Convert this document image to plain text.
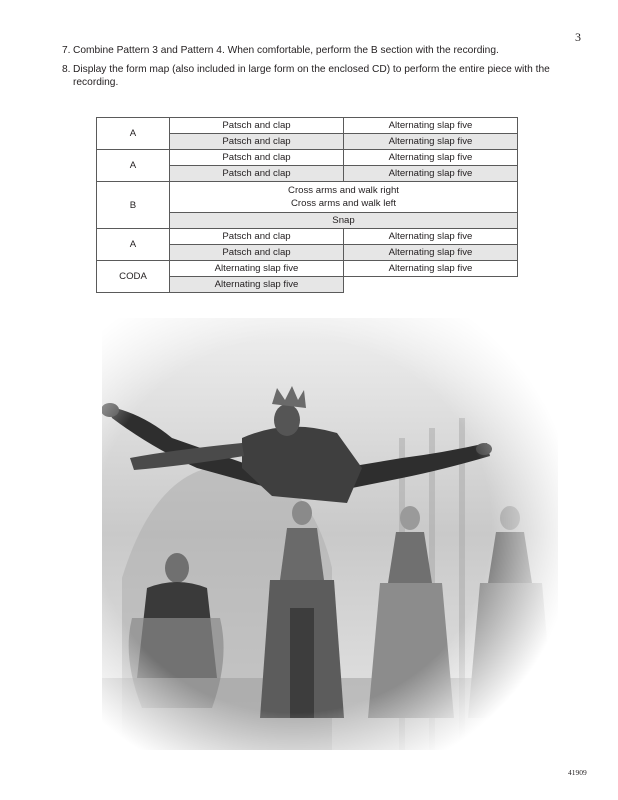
3
7. Combine Pattern 3 and Pattern 4. When comfortable, perform the B section with the recording.
8. Display the form map (also included in large form on the enclosed CD) to perform the entire piece with the recording.
A	Patsch and clap	Alternating slap five
	Patsch and clap	Alternating slap five
A	Patsch and clap	Alternating slap five
	Patsch and clap	Alternating slap five
B	Cross arms and walk right
Cross arms and walk left	

	Snap	
A	Patsch and clap	Alternating slap five
	Patsch and clap	Alternating slap five
CODA	Alternating slap five	Alternating slap five
	Alternating slap five	
41909
